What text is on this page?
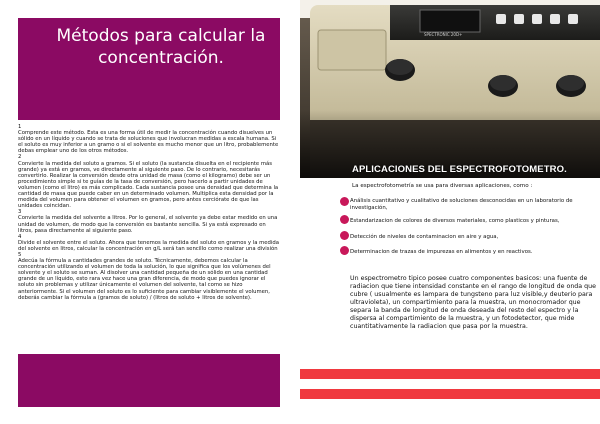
Métodos para calcular la concentración.
1
Comprende este método. Esta es una forma útil de medir la concentración cuando disuelves un sólido en un líquido y cuando se trata de soluciones que involucran medidas a escala humana. Si el soluto es muy inferior a un gramo o si el solvente es mucho menor que un litro, probablemente debas emplear uno de los otros métodos.
2
Convierte la medida del soluto a gramos. Si el soluto (la sustancia disuelta en el recipiente más grande) ya está en gramos, ve directamente al siguiente paso. De lo contrario, necesitarás convertirlo. Realizar la conversión desde otra unidad de masa (como el kilogramo) debe ser un procedimiento simple si te guías de la tasa de conversión, pero hacerlo a partir unidades de volumen (como el litro) es más complicado. Cada sustancia posee una densidad que determina la cantidad de masa que puede caber en un determinado volumen. Multiplica esta densidad por la medida del volumen para obtener el volumen en gramos, pero antes cerciórate de que las unidades coincidan.
3
Convierte la medida del solvente a litros. Por lo general, el solvente ya debe estar medido en una unidad de volumen, de modo que la conversión es bastante sencilla. Si ya está expresado en litros, pasa directamente al siguiente paso.
4
Divide el solvente entre el soluto. Ahora que tenemos la medida del soluto en gramos y la medida del solvente en litros, calcular la concentración en g/L será tan sencillo como realizar una división
5
Adecúa la fórmula a cantidades grandes de soluto. Técnicamente, debemos calcular la concentración utilizando el volumen de toda la solución, lo que significa que los volúmenes del solvente y el soluto se suman. Al disolver una cantidad pequeña de un sólido en una cantidad grande de un líquido, esto rara vez hace una gran diferencia, de modo que puedes ignorar el soluto sin problemas y utilizar únicamente el volumen del solvente, tal como se hizo anteriormente. Si el volumen del soluto es lo suficiente para cambiar visiblemente el volumen, deberás cambiar la fórmula a (gramos de soluto) / (litros de soluto + litros de solvente).
SPECTRONIC 20D+
APLICACIONES DEL ESPECTROFOTOMETRO.
La espectrofotometría se usa para diversas aplicaciones, como :
Análisis cuantitativo y cualitativo de soluciones desconocidas en un laboratorio de investigación,
Estandarizacion de colores de diversos materiales, como plasticos y pinturas,
Detección de niveles de contaminacion en aire y agua,
Determinacion de trazas de impurezas en alimentos y en reactivos.
Un espectrometro tipico posee cuatro componentes basicos: una fuente de radiacion que tiene intensidad constante en el rango de longitud de onda que cubre ( usualmente es lampara de tungsteno para luz visible,y deuterio para ultravioleta), un compartimiento para la muestra, un monocromador que separa la banda de longitud de onda deseada del resto del espectro y la dispersa al compartimiento de la muestra, y un fotodetector, que mide cuantitativamente la radiacion que pasa por la muestra.
